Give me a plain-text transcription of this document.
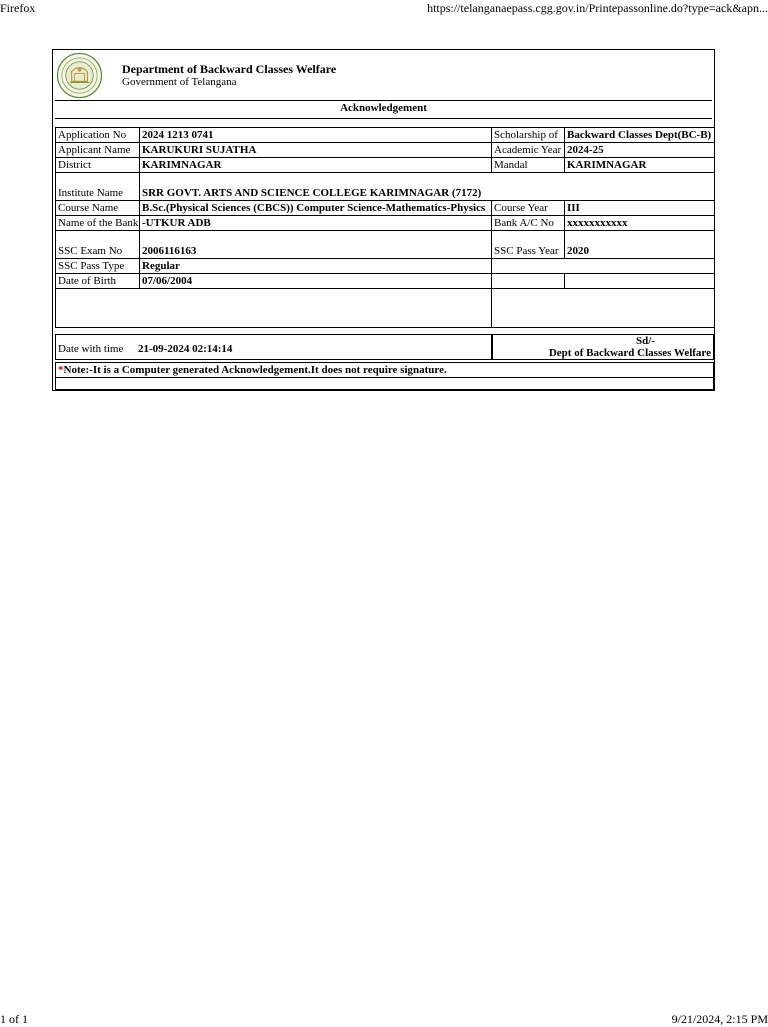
Firefox	https://telanganaepass.cgg.gov.in/Printepassonline.do?type=ack&apn...
Department of Backward Classes Welfare
Government of Telangana
Acknowledgement
Application No	2024 1213 0741	Scholarship of	Backward Classes Dept(BC-B)
Applicant Name	KARUKURI SUJATHA	Academic Year	2024-25
District	KARIMNAGAR	Mandal	KARIMNAGAR
Institute Name	SRR GOVT. ARTS AND SCIENCE COLLEGE KARIMNAGAR (7172)		
Course Name	B.Sc.(Physical Sciences (CBCS)) Computer Science-Mathematics-Physics	Course Year	III
Name of the Bank	-UTKUR ADB	Bank A/C No	xxxxxxxxxxx
SSC Exam No	2006116163	SSC Pass Year	2020
SSC Pass Type	Regular		
Date of Birth	07/06/2004		

Date with time 21-09-2024 02:14:14
Sd/-
Dept of Backward Classes Welfare
*Note:-It is a Computer generated Acknowledgement.It does not require signature.
1 of 1	9/21/2024, 2:15 PM
